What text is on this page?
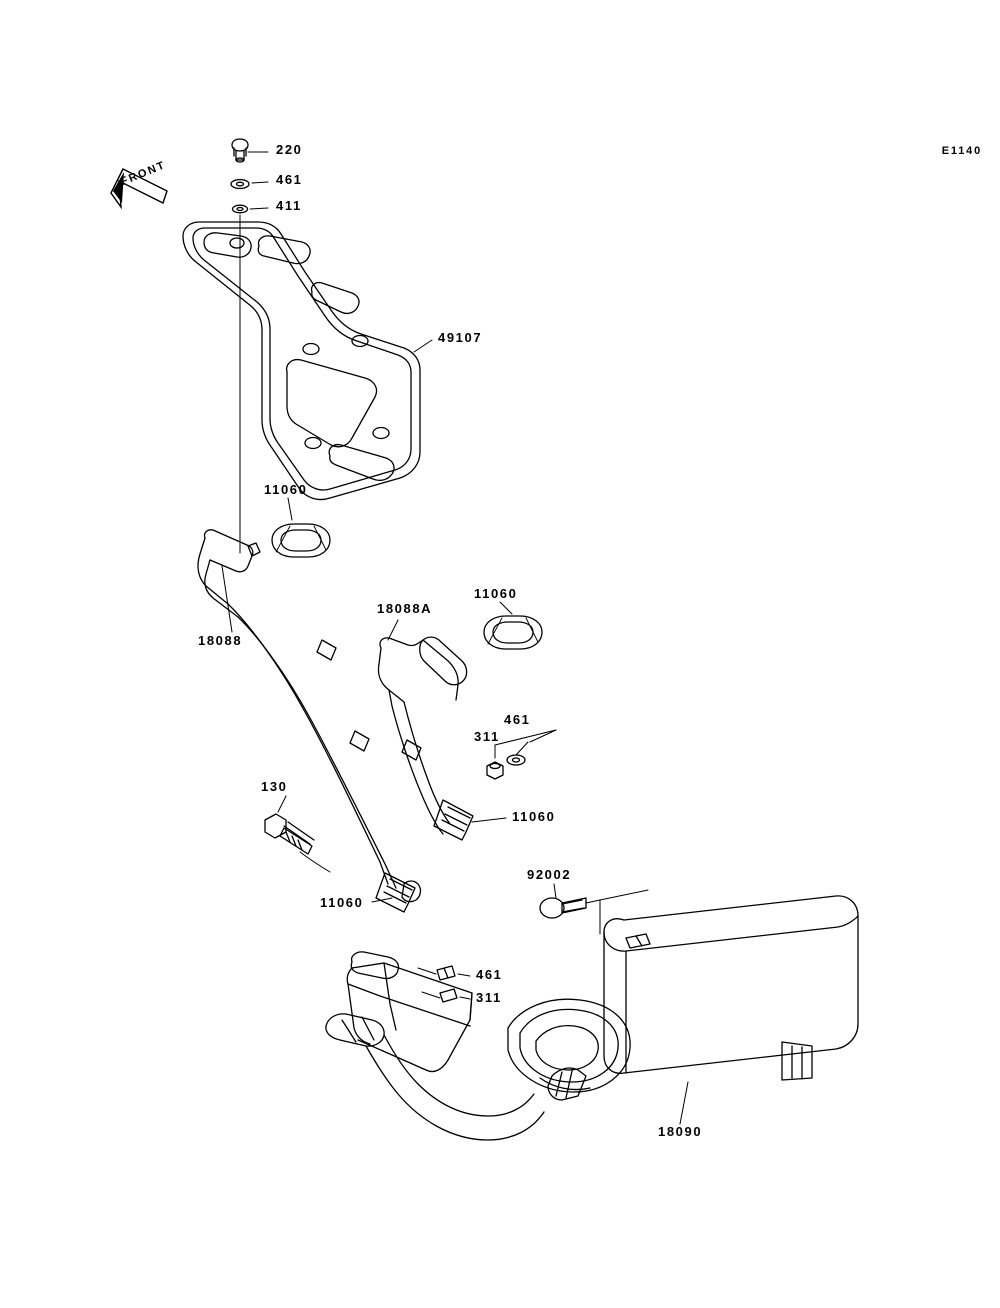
E1140
FRONT
220
461
411
49107
11060
18088
18088A
11060
461
311
130
11060
11060
92002
461
311
18090
